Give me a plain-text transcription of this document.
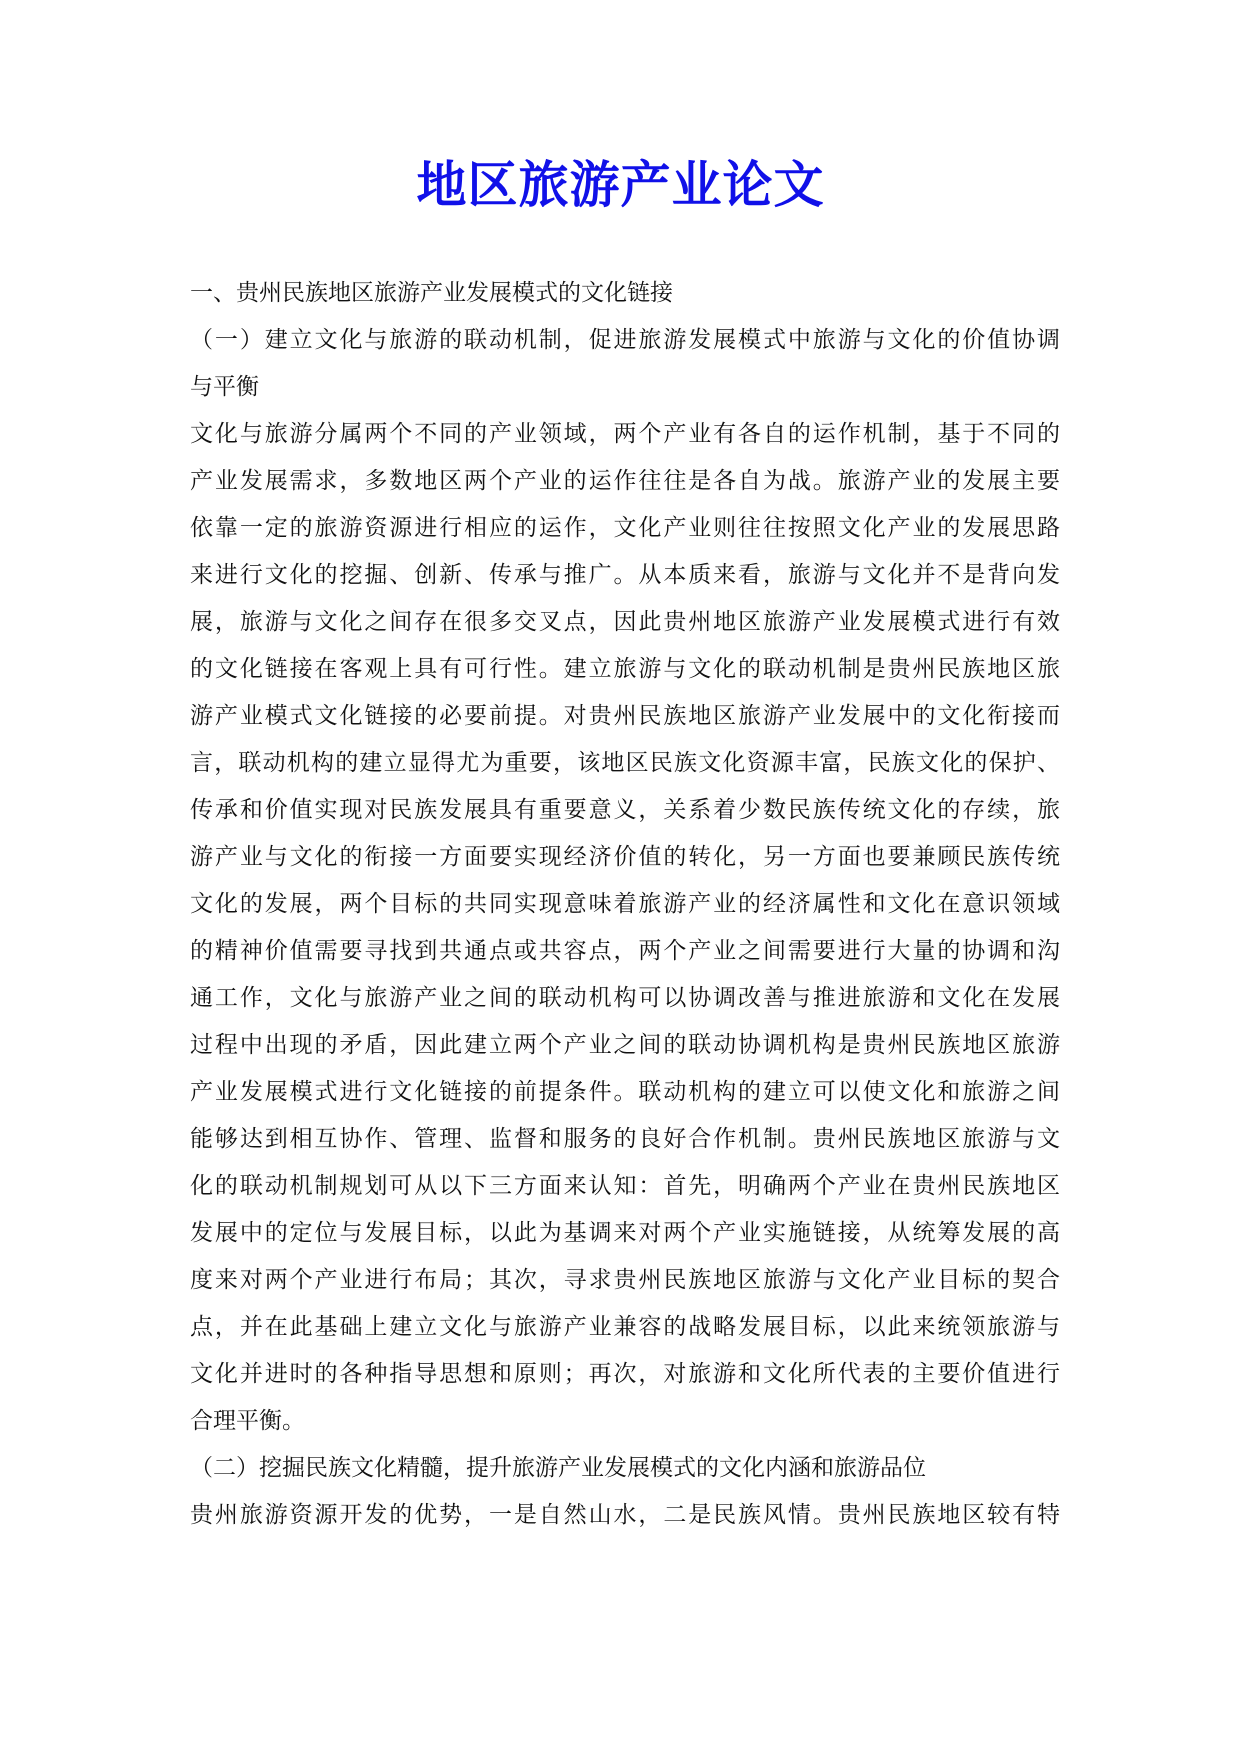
地区旅游产业论文
一、贵州民族地区旅游产业发展模式的文化链接
（一）建立文化与旅游的联动机制，促进旅游发展模式中旅游与文化的价值协调
与平衡
文化与旅游分属两个不同的产业领域，两个产业有各自的运作机制，基于不同的
产业发展需求，多数地区两个产业的运作往往是各自为战。旅游产业的发展主要
依靠一定的旅游资源进行相应的运作，文化产业则往往按照文化产业的发展思路
来进行文化的挖掘、创新、传承与推广。从本质来看，旅游与文化并不是背向发
展，旅游与文化之间存在很多交叉点，因此贵州地区旅游产业发展模式进行有效
的文化链接在客观上具有可行性。建立旅游与文化的联动机制是贵州民族地区旅
游产业模式文化链接的必要前提。对贵州民族地区旅游产业发展中的文化衔接而
言，联动机构的建立显得尤为重要，该地区民族文化资源丰富，民族文化的保护、
传承和价值实现对民族发展具有重要意义，关系着少数民族传统文化的存续，旅
游产业与文化的衔接一方面要实现经济价值的转化，另一方面也要兼顾民族传统
文化的发展，两个目标的共同实现意味着旅游产业的经济属性和文化在意识领域
的精神价值需要寻找到共通点或共容点，两个产业之间需要进行大量的协调和沟
通工作，文化与旅游产业之间的联动机构可以协调改善与推进旅游和文化在发展
过程中出现的矛盾，因此建立两个产业之间的联动协调机构是贵州民族地区旅游
产业发展模式进行文化链接的前提条件。联动机构的建立可以使文化和旅游之间
能够达到相互协作、管理、监督和服务的良好合作机制。贵州民族地区旅游与文
化的联动机制规划可从以下三方面来认知：首先，明确两个产业在贵州民族地区
发展中的定位与发展目标，以此为基调来对两个产业实施链接，从统筹发展的高
度来对两个产业进行布局；其次，寻求贵州民族地区旅游与文化产业目标的契合
点，并在此基础上建立文化与旅游产业兼容的战略发展目标，以此来统领旅游与
文化并进时的各种指导思想和原则；再次，对旅游和文化所代表的主要价值进行
合理平衡。
（二）挖掘民族文化精髓，提升旅游产业发展模式的文化内涵和旅游品位
贵州旅游资源开发的优势，一是自然山水，二是民族风情。贵州民族地区较有特
